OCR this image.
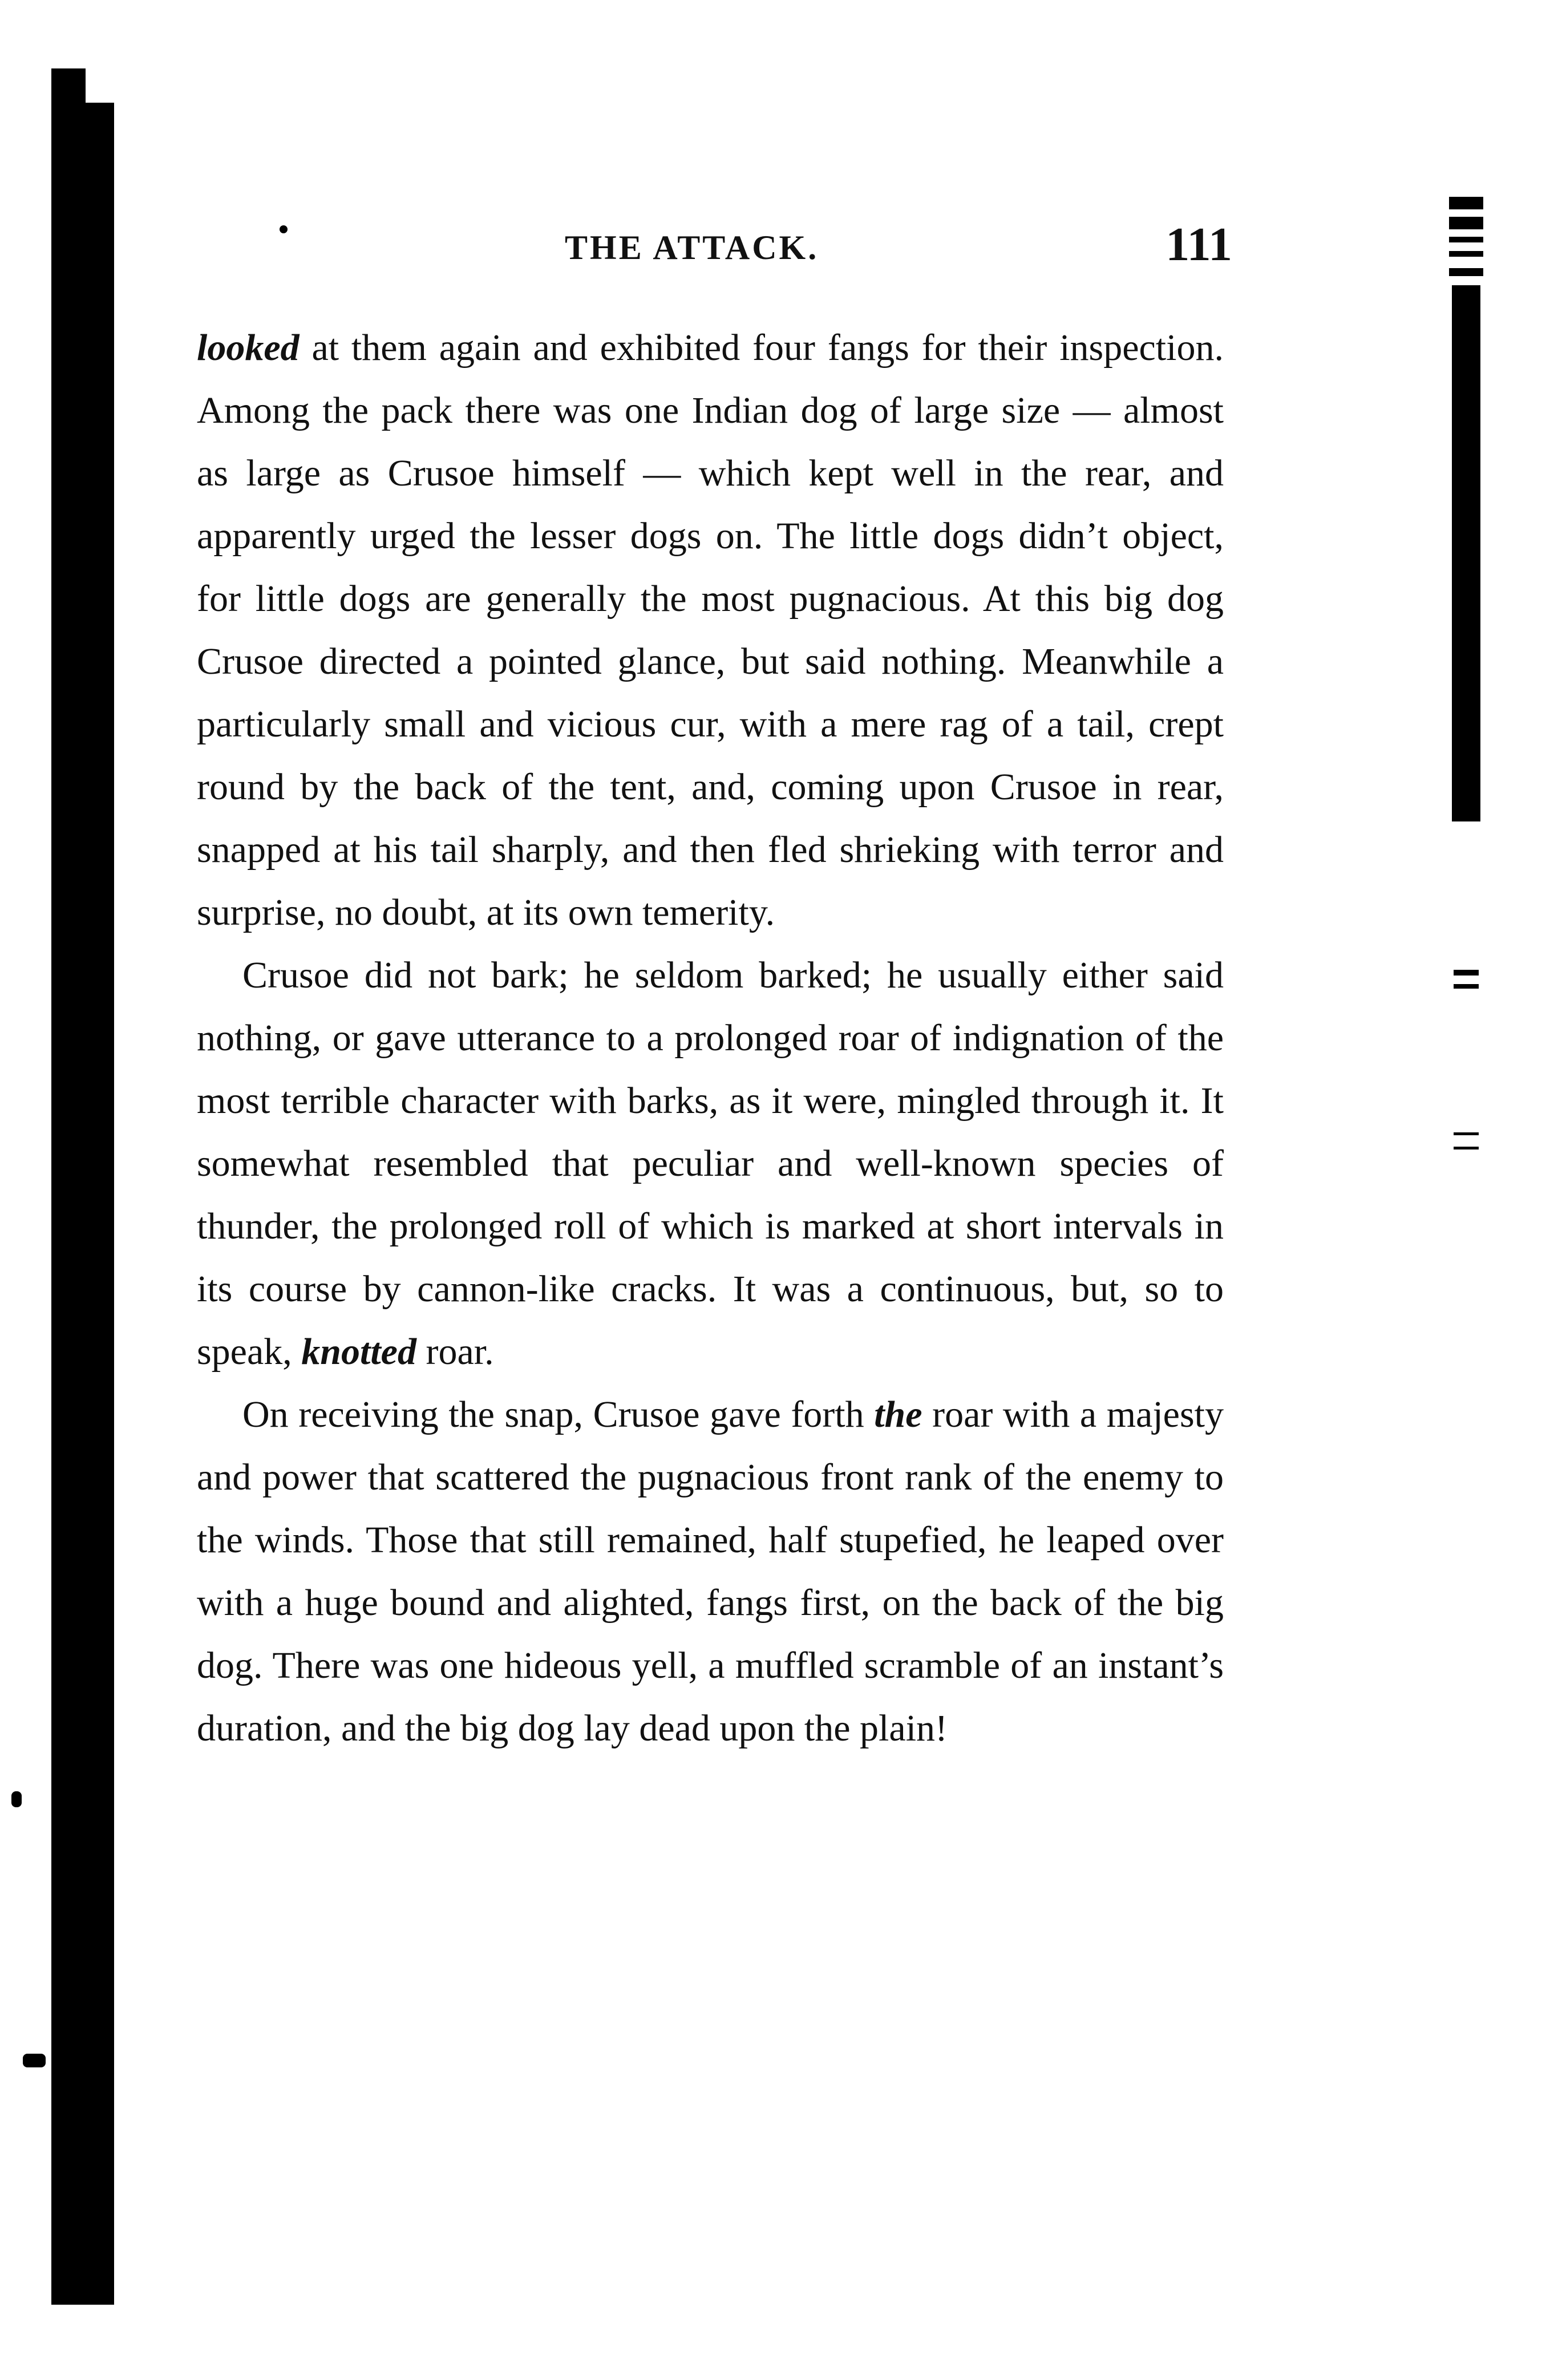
THE ATTACK.	111

looked at them again and exhibited four fangs for their inspection. Among the pack there was one Indian dog of large size — almost as large as Crusoe himself — which kept well in the rear, and apparently urged the lesser dogs on. The little dogs didn’t object, for little dogs are generally the most pugnacious. At this big dog Crusoe directed a pointed glance, but said nothing. Meanwhile a particularly small and vicious cur, with a mere rag of a tail, crept round by the back of the tent, and, coming upon Crusoe in rear, snapped at his tail sharply, and then fled shrieking with terror and surprise, no doubt, at its own temerity.

Crusoe did not bark; he seldom barked; he usually either said nothing, or gave utterance to a prolonged roar of indignation of the most terrible character with barks, as it were, mingled through it. It somewhat resembled that peculiar and well-known species of thunder, the prolonged roll of which is marked at short intervals in its course by cannon-like cracks. It was a continuous, but, so to speak, knotted roar.

On receiving the snap, Crusoe gave forth the roar with a majesty and power that scattered the pugnacious front rank of the enemy to the winds. Those that still remained, half stupefied, he leaped over with a huge bound and alighted, fangs first, on the back of the big dog. There was one hideous yell, a muffled scramble of an instant’s duration, and the big dog lay dead upon the plain!
